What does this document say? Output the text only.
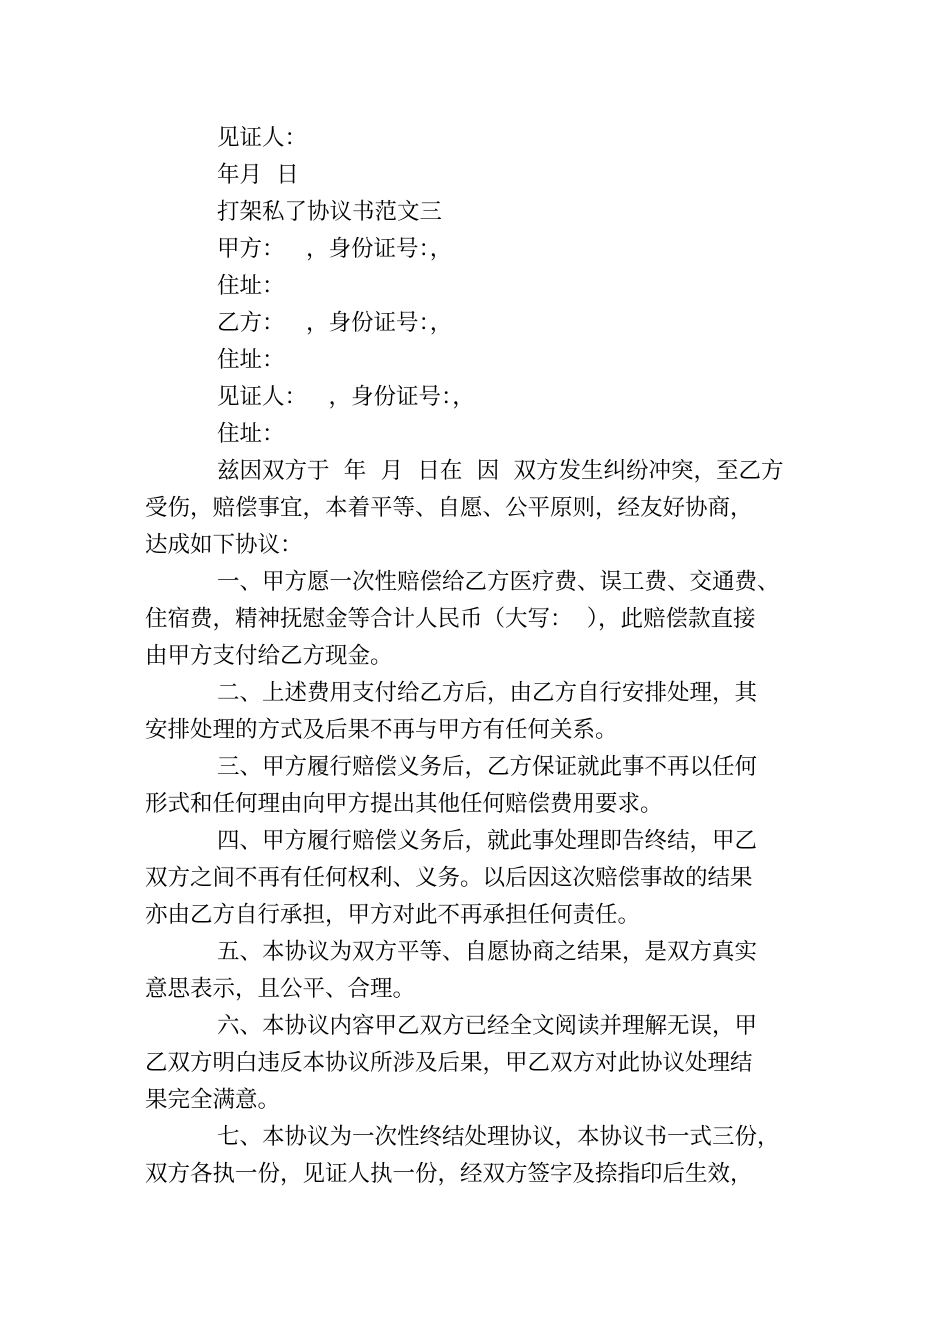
见证人：

年月  日

打架私了协议书范文三

甲方：   ，身份证号：，

住址：

乙方：   ，身份证号：，

住址：

见证人：   ，身份证号：，

住址：

兹因双方于  年  月  日在  因  双方发生纠纷冲突，至乙方

受伤，赔偿事宜，本着平等、自愿、公平原则，经友好协商，

达成如下协议：

一、甲方愿一次性赔偿给乙方医疗费、误工费、交通费、

住宿费，精神抚慰金等合计人民币（大写：  ），此赔偿款直接

由甲方支付给乙方现金。

二、上述费用支付给乙方后，由乙方自行安排处理，其

安排处理的方式及后果不再与甲方有任何关系。

三、甲方履行赔偿义务后，乙方保证就此事不再以任何

形式和任何理由向甲方提出其他任何赔偿费用要求。

四、甲方履行赔偿义务后，就此事处理即告终结，甲乙

双方之间不再有任何权利、义务。以后因这次赔偿事故的结果

亦由乙方自行承担，甲方对此不再承担任何责任。

五、本协议为双方平等、自愿协商之结果，是双方真实

意思表示，且公平、合理。

六、本协议内容甲乙双方已经全文阅读并理解无误，甲

乙双方明白违反本协议所涉及后果，甲乙双方对此协议处理结

果完全满意。

七、本协议为一次性终结处理协议，本协议书一式三份，

双方各执一份，见证人执一份，经双方签字及捺指印后生效，
